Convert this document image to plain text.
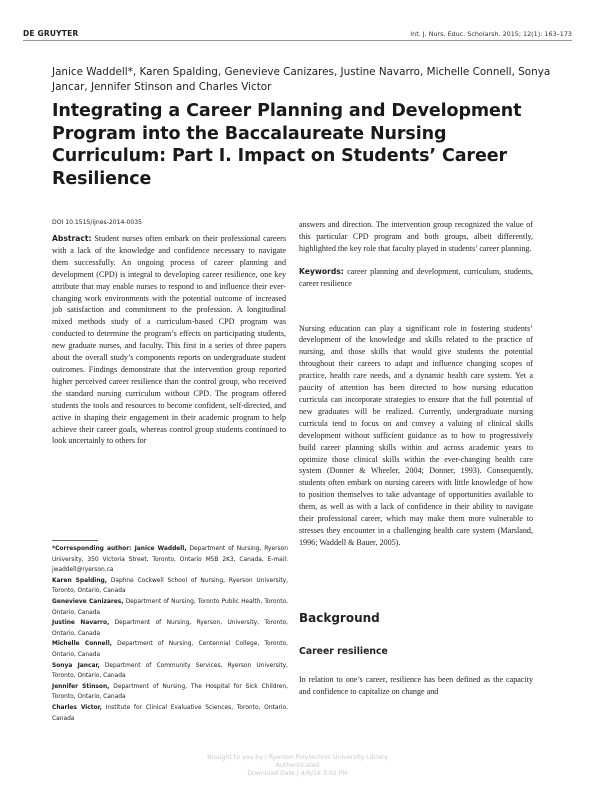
DE GRUYTER	Int. J. Nurs. Educ. Scholarsh. 2015; 12(1): 163–173
Janice Waddell*, Karen Spalding, Genevieve Canizares, Justine Navarro, Michelle Connell, Sonya Jancar, Jennifer Stinson and Charles Victor
Integrating a Career Planning and Development Program into the Baccalaureate Nursing Curriculum: Part I. Impact on Students’ Career Resilience
DOI 10.1515/ijnes-2014-0035

Abstract: Student nurses often embark on their professional careers with a lack of the knowledge and confidence necessary to navigate them successfully. An ongoing process of career planning and development (CPD) is integral to developing career resilience, one key attribute that may enable nurses to respond to and influence their ever-changing work environments with the potential outcome of increased job satisfaction and commitment to the profession. A longitudinal mixed methods study of a curriculum-based CPD program was conducted to determine the program’s effects on participating students, new graduate nurses, and faculty. This first in a series of three papers about the overall study’s components reports on undergraduate student outcomes. Findings demonstrate that the intervention group reported higher perceived career resilience than the control group, who received the standard nursing curriculum without CPD. The program offered students the tools and resources to become confident, self-directed, and active in shaping their engagement in their academic program to help achieve their career goals, whereas control group students continued to look uncertainly to others for

*Corresponding author: Janice Waddell, Department of Nursing, Ryerson University, 350 Victoria Street, Toronto, Ontario M5B 2K3, Canada, E-mail: jwaddell@ryerson.ca

Karen Spalding, Daphne Cockwell School of Nursing, Ryerson University, Toronto, Ontario, Canada

Genevieve Canizares, Department of Nursing, Toronto Public Health, Toronto, Ontario, Canada

Justine Navarro, Department of Nursing, Ryerson, University, Toronto, Ontario, Canada

Michelle Connell, Department of Nursing, Centennial College, Toronto, Ontario, Canada

Sonya Jancar, Department of Community Services, Ryerson University, Toronto, Ontario, Canada

Jennifer Stinson, Department of Nursing, The Hospital for Sick Children, Toronto, Ontario, Canada

Charles Victor, Institute for Clinical Evaluative Sciences, Toronto, Ontario, Canada

answers and direction. The intervention group recognized the value of this particular CPD program and both groups, albeit differently, highlighted the key role that faculty played in students’ career planning.

Keywords: career planning and development, curriculum, students, career resilience

Nursing education can play a significant role in fostering students’ development of the knowledge and skills related to the practice of nursing, and those skills that would give students the potential throughout their careers to adapt and influence changing scopes of practice, health care needs, and a dynamic health care system. Yet a paucity of attention has been directed to how nursing education curricula can incorporate strategies to ensure that the full potential of new graduates will be realized. Currently, undergraduate nursing curricula tend to focus on and convey a valuing of clinical skills development without sufficient guidance as to how to progressively build career planning skills within and across academic years to optimize those clinical skills within the ever-changing health care system (Donner & Wheeler, 2004; Donner, 1993). Consequently, students often embark on nursing careers with little knowledge of how to position themselves to take advantage of opportunities available to them, as well as with a lack of confidence in their ability to navigate their professional career, which may make them more vulnerable to stresses they encounter in a challenging health care system (Marsland, 1996; Waddell & Bauer, 2005).

Background
Career resilience

In relation to one’s career, resilience has been defined as the capacity and confidence to capitalize on change and

Brought to you by | Ryerson Polytechnic University Library
Authenticated
Download Date | 4/6/16 3:02 PM
